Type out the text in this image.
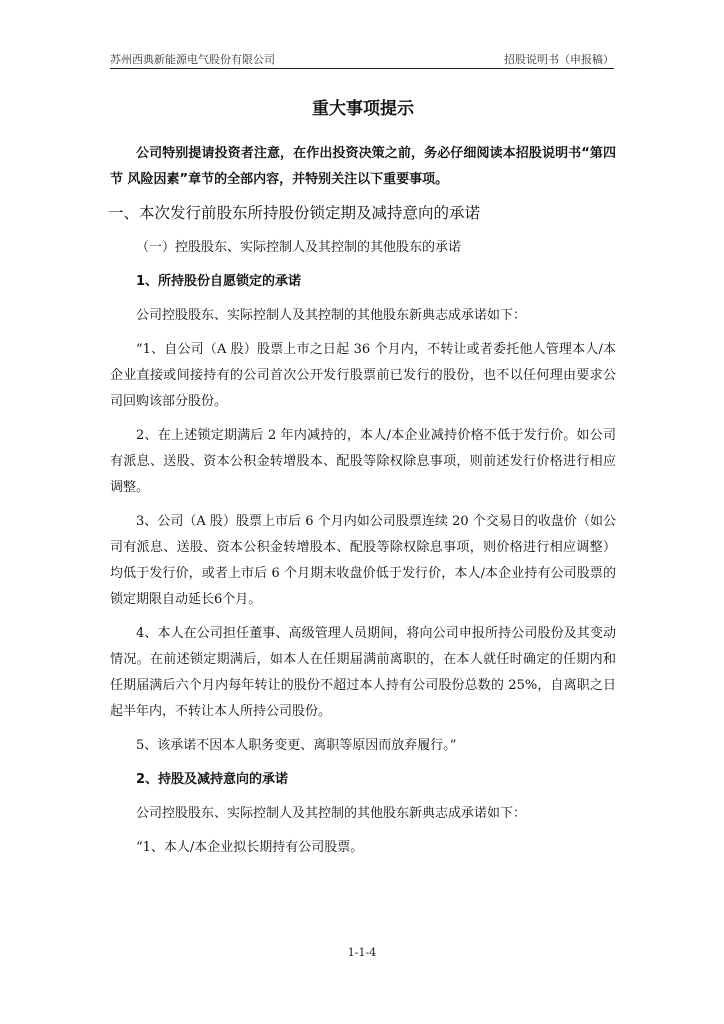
苏州西典新能源电气股份有限公司	招股说明书（申报稿）
重大事项提示

公司特别提请投资者注意，在作出投资决策之前，务必仔细阅读本招股说明书“第四节 风险因素”章节的全部内容，并特别关注以下重要事项。

一、本次发行前股东所持股份锁定期及减持意向的承诺

（一）控股股东、实际控制人及其控制的其他股东的承诺

1、所持股份自愿锁定的承诺

公司控股股东、实际控制人及其控制的其他股东新典志成承诺如下：

“1、自公司（A 股）股票上市之日起 36 个月内，不转让或者委托他人管理本人/本企业直接或间接持有的公司首次公开发行股票前已发行的股份，也不以任何理由要求公司回购该部分股份。

2、在上述锁定期满后 2 年内减持的，本人/本企业减持价格不低于发行价。如公司有派息、送股、资本公积金转增股本、配股等除权除息事项，则前述发行价格进行相应调整。

3、公司（A 股）股票上市后 6 个月内如公司股票连续 20 个交易日的收盘价（如公司有派息、送股、资本公积金转增股本、配股等除权除息事项，则价格进行相应调整）均低于发行价，或者上市后 6 个月期末收盘价低于发行价，本人/本企业持有公司股票的锁定期限自动延长6个月。

4、本人在公司担任董事、高级管理人员期间，将向公司申报所持公司股份及其变动情况。在前述锁定期满后，如本人在任期届满前离职的，在本人就任时确定的任期内和任期届满后六个月内每年转让的股份不超过本人持有公司股份总数的 25%，自离职之日起半年内，不转让本人所持公司股份。

5、该承诺不因本人职务变更、离职等原因而放弃履行。”

2、持股及减持意向的承诺

公司控股股东、实际控制人及其控制的其他股东新典志成承诺如下：

“1、本人/本企业拟长期持有公司股票。

1-1-4
